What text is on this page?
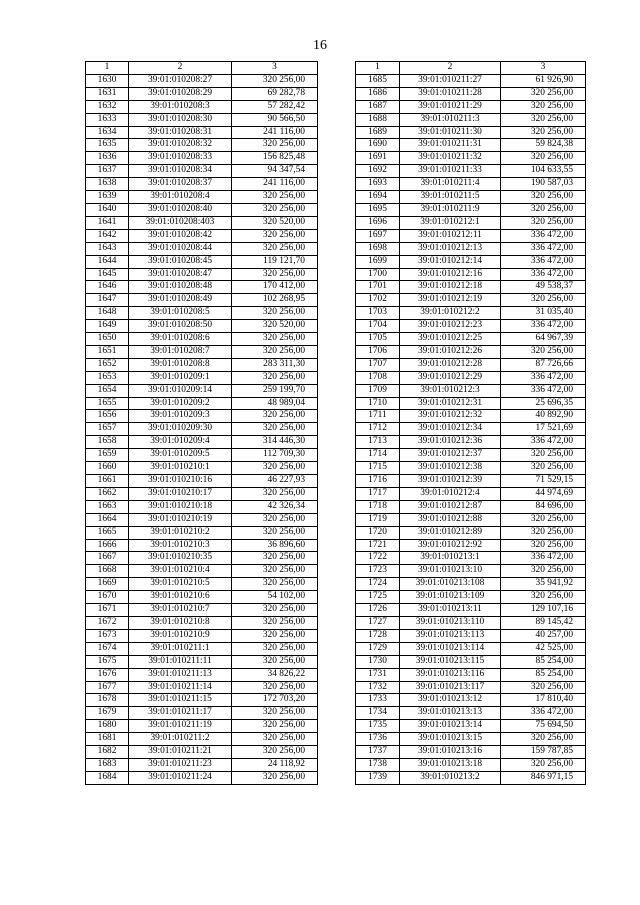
16
1	2	3
1630	39:01:010208:27	320 256,00
1631	39:01:010208:29	69 282,78
1632	39:01:010208:3	57 282,42
1633	39:01:010208:30	90 566,50
1634	39:01:010208:31	241 116,00
1635	39:01:010208:32	320 256,00
1636	39:01:010208:33	156 825,48
1637	39:01:010208:34	94 347,54
1638	39:01:010208:37	241 116,00
1639	39:01:010208:4	320 256,00
1640	39:01:010208:40	320 256,00
1641	39:01:010208:403	320 520,00
1642	39:01:010208:42	320 256,00
1643	39:01:010208:44	320 256,00
1644	39:01:010208:45	119 121,70
1645	39:01:010208:47	320 256,00
1646	39:01:010208:48	170 412,00
1647	39:01:010208:49	102 268,95
1648	39:01:010208:5	320 256,00
1649	39:01:010208:50	320 520,00
1650	39:01:010208:6	320 256,00
1651	39:01:010208:7	320 256,00
1652	39:01:010208:8	283 311,30
1653	39:01:010209:1	320 256,00
1654	39:01:010209:14	259 199,70
1655	39:01:010209:2	48 989,04
1656	39:01:010209:3	320 256,00
1657	39:01:010209:30	320 256,00
1658	39:01:010209:4	314 446,30
1659	39:01:010209:5	112 709,30
1660	39:01:010210:1	320 256,00
1661	39:01:010210:16	46 227,93
1662	39:01:010210:17	320 256,00
1663	39:01:010210:18	42 326,34
1664	39:01:010210:19	320 256,00
1665	39:01:010210:2	320 256,00
1666	39:01:010210:3	36 896,60
1667	39:01:010210:35	320 256,00
1668	39:01:010210:4	320 256,00
1669	39:01:010210:5	320 256,00
1670	39:01:010210:6	54 102,00
1671	39:01:010210:7	320 256,00
1672	39:01:010210:8	320 256,00
1673	39:01:010210:9	320 256,00
1674	39:01:010211:1	320 256,00
1675	39:01:010211:11	320 256,00
1676	39:01:010211:13	34 826,22
1677	39:01:010211:14	320 256,00
1678	39:01:010211:15	172 703,20
1679	39:01:010211:17	320 256,00
1680	39:01:010211:19	320 256,00
1681	39:01:010211:2	320 256,00
1682	39:01:010211:21	320 256,00
1683	39:01:010211:23	24 118,92
1684	39:01:010211:24	320 256,00
1	2	3
1685	39:01:010211:27	61 926,90
1686	39:01:010211:28	320 256,00
1687	39:01:010211:29	320 256,00
1688	39:01:010211:3	320 256,00
1689	39:01:010211:30	320 256,00
1690	39:01:010211:31	59 824,38
1691	39:01:010211:32	320 256,00
1692	39:01:010211:33	104 633,55
1693	39:01:010211:4	190 587,03
1694	39:01:010211:5	320 256,00
1695	39:01:010211:9	320 256,00
1696	39:01:010212:1	320 256,00
1697	39:01:010212:11	336 472,00
1698	39:01:010212:13	336 472,00
1699	39:01:010212:14	336 472,00
1700	39:01:010212:16	336 472,00
1701	39:01:010212:18	49 538,37
1702	39:01:010212:19	320 256,00
1703	39:01:010212:2	31 035,40
1704	39:01:010212:23	336 472,00
1705	39:01:010212:25	64 967,39
1706	39:01:010212:26	320 256,00
1707	39:01:010212:28	87 726,66
1708	39:01:010212:29	336 472,00
1709	39:01:010212:3	336 472,00
1710	39:01:010212:31	25 696,35
1711	39:01:010212:32	40 892,90
1712	39:01:010212:34	17 521,69
1713	39:01:010212:36	336 472,00
1714	39:01:010212:37	320 256,00
1715	39:01:010212:38	320 256,00
1716	39:01:010212:39	71 529,15
1717	39:01:010212:4	44 974,69
1718	39:01:010212:87	84 696,00
1719	39:01:010212:88	320 256,00
1720	39:01:010212:89	320 256,00
1721	39:01:010212:92	320 256,00
1722	39:01:010213:1	336 472,00
1723	39:01:010213:10	320 256,00
1724	39:01:010213:108	35 941,92
1725	39:01:010213:109	320 256,00
1726	39:01:010213:11	129 107,16
1727	39:01:010213:110	89 145,42
1728	39:01:010213:113	40 257,00
1729	39:01:010213:114	42 525,00
1730	39:01:010213:115	85 254,00
1731	39:01:010213:116	85 254,00
1732	39:01:010213:117	320 256,00
1733	39:01:010213:12	17 810,40
1734	39:01:010213:13	336 472,00
1735	39:01:010213:14	75 694,50
1736	39:01:010213:15	320 256,00
1737	39:01:010213:16	159 787,85
1738	39:01:010213:18	320 256,00
1739	39:01:010213:2	846 971,15
